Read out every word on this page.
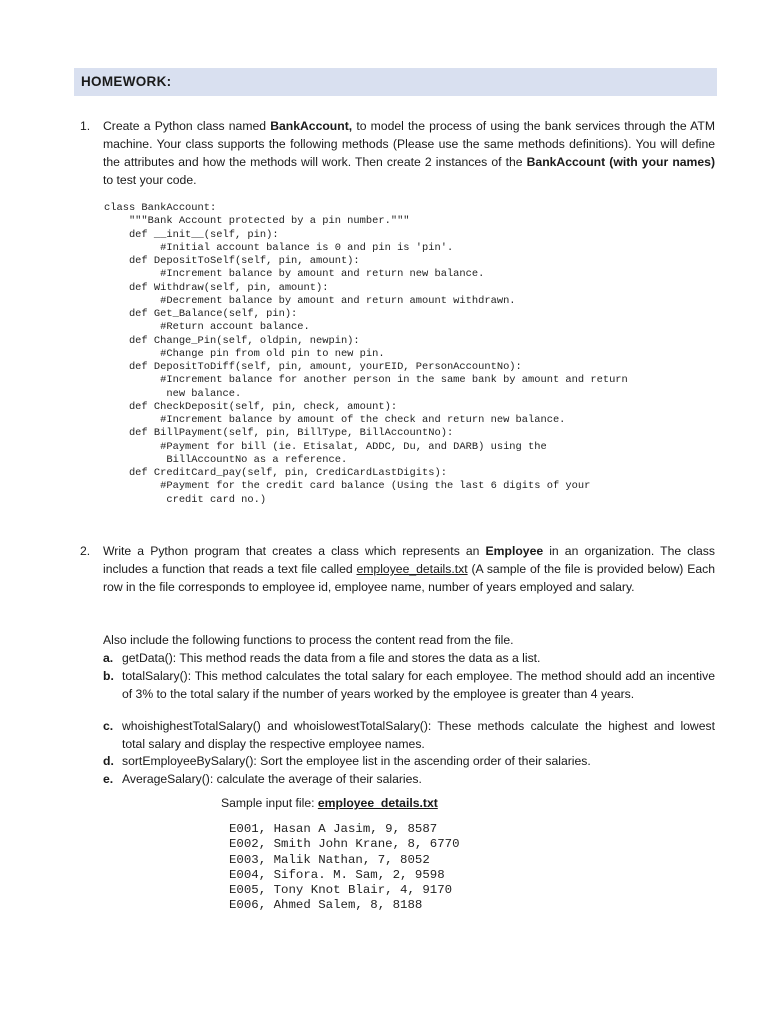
HOMEWORK:
1. Create a Python class named BankAccount, to model the process of using the bank services through the ATM machine. Your class supports the following methods (Please use the same methods definitions). You will define the attributes and how the methods will work. Then create 2 instances of the BankAccount (with your names) to test your code.
class BankAccount:
"""Bank Account protected by a pin number."""
def __init__(self, pin):
#Initial account balance is 0 and pin is 'pin'.
def DepositToSelf(self, pin, amount):
#Increment balance by amount and return new balance.
def Withdraw(self, pin, amount):
#Decrement balance by amount and return amount withdrawn.
def Get_Balance(self, pin):
#Return account balance.
def Change_Pin(self, oldpin, newpin):
#Change pin from old pin to new pin.
def DepositToDiff(self, pin, amount, yourEID, PersonAccountNo):
#Increment balance for another person in the same bank by amount and return
new balance.
def CheckDeposit(self, pin, check, amount):
#Increment balance by amount of the check and return new balance.
def BillPayment(self, pin, BillType, BillAccountNo):
#Payment for bill (ie. Etisalat, ADDC, Du, and DARB) using the
BillAccountNo as a reference.
def CreditCard_pay(self, pin, CrediCardLastDigits):
#Payment for the credit card balance (Using the last 6 digits of your
credit card no.)
2. Write a Python program that creates a class which represents an Employee in an organization. The class includes a function that reads a text file called employee_details.txt (A sample of the file is provided below) Each row in the file corresponds to employee id, employee name, number of years employed and salary.
Also include the following functions to process the content read from the file.
a. getData(): This method reads the data from a file and stores the data as a list.
b. totalSalary(): This method calculates the total salary for each employee. The method should add an incentive of 3% to the total salary if the number of years worked by the employee is greater than 4 years.
c. whoishighestTotalSalary() and whoislowestTotalSalary(): These methods calculate the highest and lowest total salary and display the respective employee names.
d. sortEmployeeBySalary(): Sort the employee list in the ascending order of their salaries.
e. AverageSalary(): calculate the average of their salaries.
Sample input file: employee_details.txt
E001, Hasan A Jasim, 9, 8587
E002, Smith John Krane, 8, 6770
E003, Malik Nathan, 7, 8052
E004, Sifora. M. Sam, 2, 9598
E005, Tony Knot Blair, 4, 9170
E006, Ahmed Salem, 8, 8188
